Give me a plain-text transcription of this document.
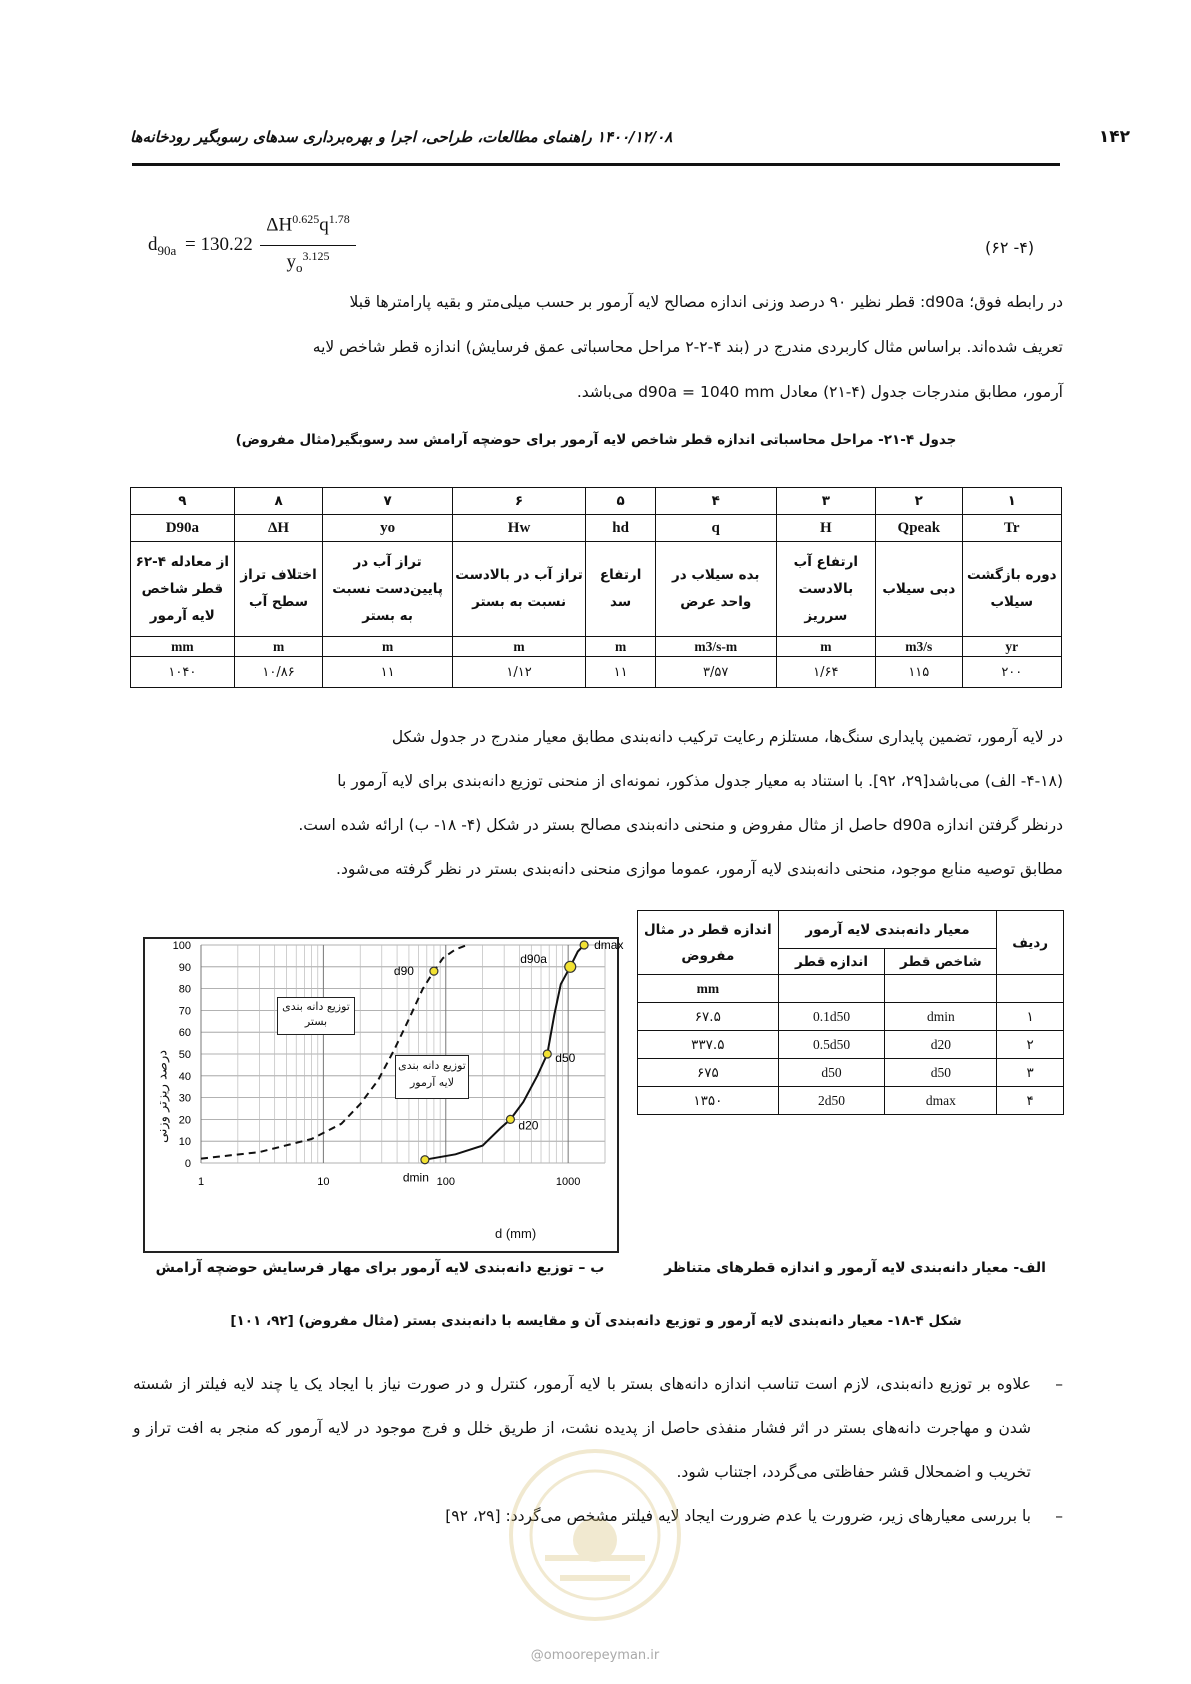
۱۴۰۰/۱۲/۰۸ راهنمای مطالعات، طراحی، اجرا و بهره‌برداری سدهای رسوبگیر رودخانه‌ها	۱۴۲
$d_{90a} = 130.22$
$\Delta H^{0.625}q^{1.78}$
$y_o^{3.125}$	(۴- ۶۲)

در رابطه فوق؛ d90a: قطر نظیر ۹۰ درصد وزنی اندازه مصالح لایه آرمور بر حسب میلی‌متر و بقیه پارامترها قبلا

تعریف شده‌اند. براساس مثال کاربردی مندرج در (بند ۴-۲-۲ مراحل محاسباتی عمق فرسایش) اندازه قطر شاخص لایه

آرمور، مطابق مندرجات جدول (۴-۲۱) معادل d90a = 1040 mm می‌باشد.

جدول ۴-۲۱- مراحل محاسباتی اندازه قطر شاخص لایه آرمور برای حوضچه آرامش سد رسوبگیر(مثال مفروض)
۱	۲	۳	۴	۵	۶	۷	۸	۹
Tr	Qpeak	H	q	hd	Hw	yo	ΔH	D90a
دوره بازگشت سیلاب	دبی سیلاب	ارتفاع آب بالادست سرریز	بده سیلاب در واحد عرض	ارتفاع سد	تراز آب در بالادست نسبت به بستر	تراز آب در پایین‌دست نسبت به بستر	اختلاف تراز سطح آب	از معادله ۴-۶۲ قطر شاخص لایه آرمور
yr	m3/s	m	m3/s-m	m	m	m	m	mm
۲۰۰	۱۱۵	۱/۶۴	۳/۵۷	۱۱	۱/۱۲	۱۱	۱۰/۸۶	۱۰۴۰

در لایه آرمور، تضمین پایداری سنگ‌ها، مستلزم رعایت ترکیب دانه‌بندی مطابق معیار مندرج در جدول شکل

(۴-۱۸- الف) می‌باشد[۲۹، ۹۲]. با استناد به معیار جدول مذکور، نمونه‌ای از منحنی توزیع دانه‌بندی برای لایه آرمور با

درنظر گرفتن اندازه d90a حاصل از مثال مفروض و منحنی دانه‌بندی مصالح بستر در شکل (۴- ۱۸- ب) ارائه شده است.

مطابق توصیه منابع موجود، منحنی دانه‌بندی لایه آرمور، عموما موازی منحنی دانه‌بندی بستر در نظر گرفته می‌شود.

0
10
20
30
40
50
60
70
80
90
100
1	10	100	1000
dmin
d20
d50
d90a
dmax
d90
d (mm)
درصد ریزتر وزنی
توزیع دانه بندی بستر
توزیع دانه بندی لایه آرمور
ردیف	معیار دانه‌بندی لایه آرمور		اندازه قطر در مثال مفروض
	شاخص قطر	اندازه قطر	
			mm
۱	dmin	0.1d50	۶۷.۵
۲	d20	0.5d50	۳۳۷.۵
۳	d50	d50	۶۷۵
۴	dmax	2d50	۱۳۵۰
ب – توزیع دانه‌بندی لایه آرمور برای مهار فرسایش حوضچه آرامش	الف- معیار دانه‌بندی لایه آرمور و اندازه قطرهای متناظر
شکل ۴-۱۸- معیار دانه‌بندی لایه آرمور و توزیع دانه‌بندی آن و مقایسه با دانه‌بندی بستر (مثال مفروض) [۹۲، ۱۰۱]
–
علاوه بر توزیع دانه‌بندی، لازم است تناسب اندازه دانه‌های بستر با لایه آرمور، کنترل و در صورت نیاز با ایجاد یک یا چند لایه فیلتر از شسته شدن و مهاجرت دانه‌های بستر در اثر فشار منفذی حاصل از پدیده نشت، از طریق خلل و فرج موجود در لایه آرمور که منجر به افت تراز و تخریب و اضمحلال قشر حفاظتی می‌گردد، اجتناب شود.
–
با بررسی معیارهای زیر، ضرورت یا عدم ضرورت ایجاد لایه فیلتر مشخص می‌گردد: [۲۹، ۹۲]
@omoorepeyman.ir
